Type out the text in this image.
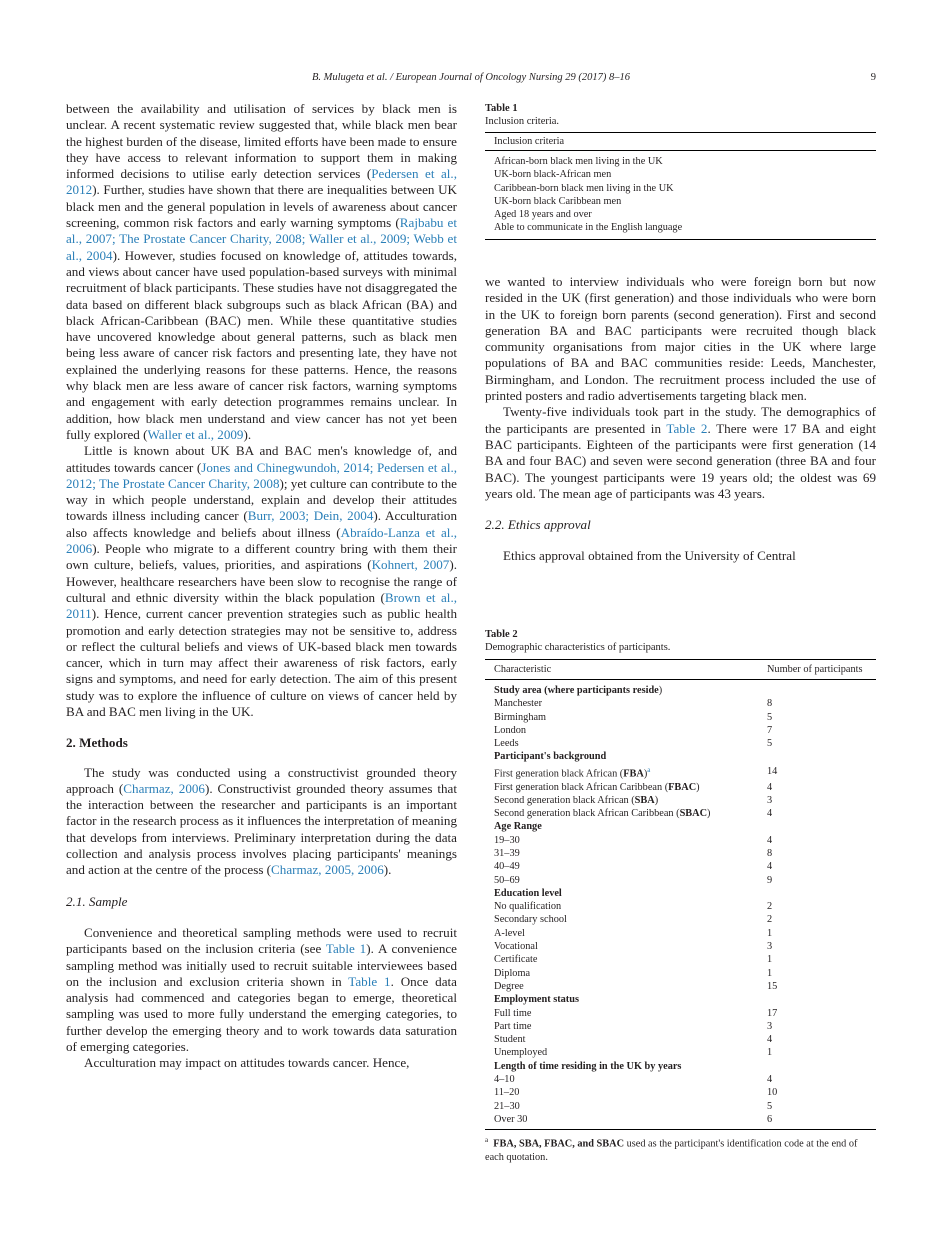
B. Mulugeta et al. / European Journal of Oncology Nursing 29 (2017) 8–16	9

between the availability and utilisation of services by black men is unclear. A recent systematic review suggested that, while black men bear the highest burden of the disease, limited efforts have been made to ensure they have access to relevant information to support them in making informed decisions to utilise early detection services (Pedersen et al., 2012). Further, studies have shown that there are inequalities between UK black men and the general population in levels of awareness about cancer screening, common risk factors and early warning symptoms (Rajbabu et al., 2007; The Prostate Cancer Charity, 2008; Waller et al., 2009; Webb et al., 2004). However, studies focused on knowledge of, attitudes towards, and views about cancer have used population-based surveys with minimal recruitment of black participants. These studies have not disaggregated the data based on different black subgroups such as black African (BA) and black African-Caribbean (BAC) men. While these quantitative studies have uncovered knowledge about general patterns, such as black men being less aware of cancer risk factors and presenting late, they have not explained the underlying reasons for these patterns. Hence, the reasons why black men are less aware of cancer risk factors, warning symptoms and engagement with early detection programmes remains unclear. In addition, how black men understand and view cancer has not yet been fully explored (Waller et al., 2009).

Little is known about UK BA and BAC men's knowledge of, and attitudes towards cancer (Jones and Chinegwundoh, 2014; Pedersen et al., 2012; The Prostate Cancer Charity, 2008); yet culture can contribute to the way in which people understand, explain and develop their attitudes towards illness including cancer (Burr, 2003; Dein, 2004). Acculturation also affects knowledge and beliefs about illness (Abraído-Lanza et al., 2006). People who migrate to a different country bring with them their own culture, beliefs, values, priorities, and aspirations (Kohnert, 2007). However, healthcare researchers have been slow to recognise the range of cultural and ethnic diversity within the black population (Brown et al., 2011). Hence, current cancer prevention strategies such as public health promotion and early detection strategies may not be sensitive to, address or reflect the cultural beliefs and views of UK-based black men towards cancer, which in turn may affect their awareness of risk factors, early signs and symptoms, and need for early detection. The aim of this present study was to explore the influence of culture on views of cancer held by BA and BAC men living in the UK.

2. Methods

The study was conducted using a constructivist grounded theory approach (Charmaz, 2006). Constructivist grounded theory assumes that the interaction between the researcher and participants is an important factor in the research process as it influences the interpretation of meaning that develops from interviews. Preliminary interpretation during the data collection and analysis process involves placing participants' meanings and action at the centre of the process (Charmaz, 2005, 2006).

2.1. Sample

Convenience and theoretical sampling methods were used to recruit participants based on the inclusion criteria (see Table 1). A convenience sampling method was initially used to recruit suitable interviewees based on the inclusion and exclusion criteria shown in Table 1. Once data analysis had commenced and categories began to emerge, theoretical sampling was used to more fully understand the emerging categories, to further develop the emerging theory and to work towards data saturation of emerging categories.

Acculturation may impact on attitudes towards cancer. Hence,

Table 1
Inclusion criteria.
Inclusion criteria
African-born black men living in the UK
UK-born black-African men
Caribbean-born black men living in the UK
UK-born black Caribbean men
Aged 18 years and over
Able to communicate in the English language

we wanted to interview individuals who were foreign born but now resided in the UK (first generation) and those individuals who were born in the UK to foreign born parents (second generation). First and second generation BA and BAC participants were recruited though black community organisations from major cities in the UK where large populations of BA and BAC communities reside: Leeds, Manchester, Birmingham, and London. The recruitment process included the use of printed posters and radio advertisements targeting black men.

Twenty-five individuals took part in the study. The demographics of the participants are presented in Table 2. There were 17 BA and eight BAC participants. Eighteen of the participants were first generation (14 BA and four BAC) and seven were second generation (three BA and four BAC). The youngest participants were 19 years old; the oldest was 69 years old. The mean age of participants was 43 years.

2.2. Ethics approval

Ethics approval obtained from the University of Central

Table 2
Demographic characteristics of participants.
Characteristic	Number of participants
Study area (where participants reside)	
Manchester	8
Birmingham	5
London	7
Leeds	5
Participant's background	
First generation black African (FBA)$^a$	14
First generation black African Caribbean (FBAC)	4
Second generation black African (SBA)	3
Second generation black African Caribbean (SBAC)	4
Age Range	
19–30	4
31–39	8
40–49	4
50–69	9
Education level	
No qualification	2
Secondary school	2
A-level	1
Vocational	3
Certificate	1
Diploma	1
Degree	15
Employment status	
Full time	17
Part time	3
Student	4
Unemployed	1
Length of time residing in the UK by years	
4–10	4
11–20	10
21–30	5
Over 30	6
$^a$ FBA, SBA, FBAC, and SBAC used as the participant's identification code at the end of each quotation.
